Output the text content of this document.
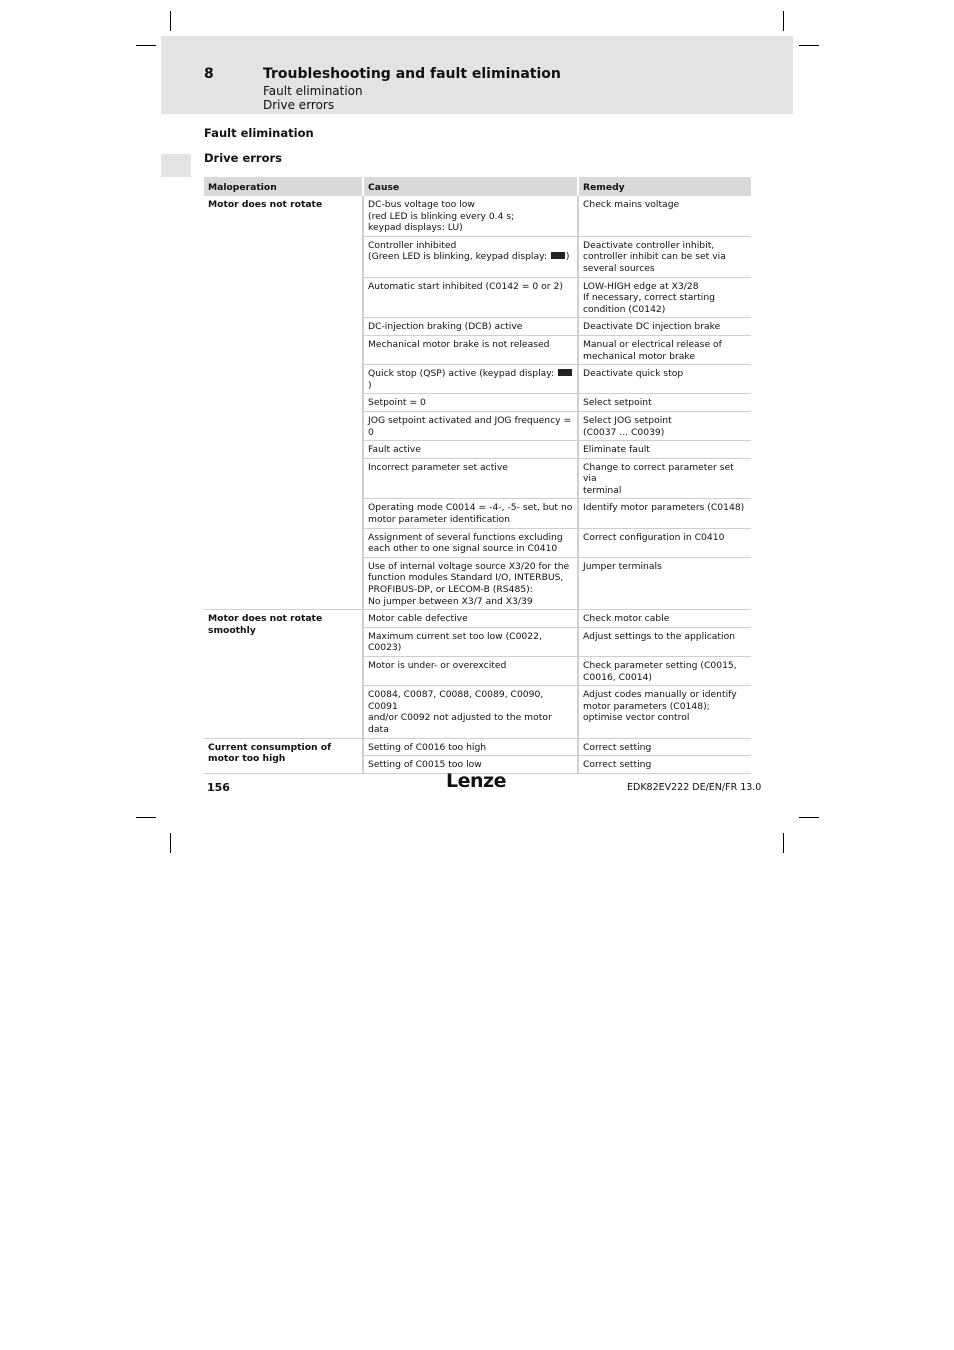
8	Troubleshooting and fault elimination
Fault elimination
Drive errors
Fault elimination
Drive errors
Maloperation	Cause	Remedy
Motor does not rotate	DC-bus voltage too low
(red LED is blinking every 0.4 s;
keypad displays: LU)	Check mains voltage

	Controller inhibited
(Green LED is blinking, keypad display: )	Deactivate controller inhibit,
controller inhibit can be set via
several sources

	Automatic start inhibited (C0142 = 0 or 2)	LOW-HIGH edge at X3/28
If necessary, correct starting
condition (C0142)

	DC-injection braking (DCB) active	Deactivate DC injection brake

	Mechanical motor brake is not released	Manual or electrical release of
mechanical motor brake

	Quick stop (QSP) active (keypad display: )	Deactivate quick stop

	Setpoint = 0	Select setpoint

	JOG setpoint activated and JOG frequency = 0	Select JOG setpoint
(C0037 ... C0039)

	Fault active	Eliminate fault

	Incorrect parameter set active	Change to correct parameter set via
terminal

	Operating mode C0014 = -4-, -5- set, but no
motor parameter identification	Identify motor parameters (C0148)

	Assignment of several functions excluding
each other to one signal source in C0410	Correct configuration in C0410

	Use of internal voltage source X3/20 for the
function modules Standard I/O, INTERBUS,
PROFIBUS-DP, or LECOM-B (RS485):
No jumper between X3/7 and X3/39	Jumper terminals

Motor does not rotate smoothly	Motor cable defective	Check motor cable

	Maximum current set too low (C0022,
C0023)	Adjust settings to the application

	Motor is under- or overexcited	Check parameter setting (C0015,
C0016, C0014)

	C0084, C0087, C0088, C0089, C0090, C0091
and/or C0092 not adjusted to the motor data	Adjust codes manually or identify
motor parameters (C0148);
optimise vector control

Current consumption of motor too high	Setting of C0016 too high	Correct setting

	Setting of C0015 too low	Correct setting
156	Lenze	EDK82EV222 DE/EN/FR 13.0
